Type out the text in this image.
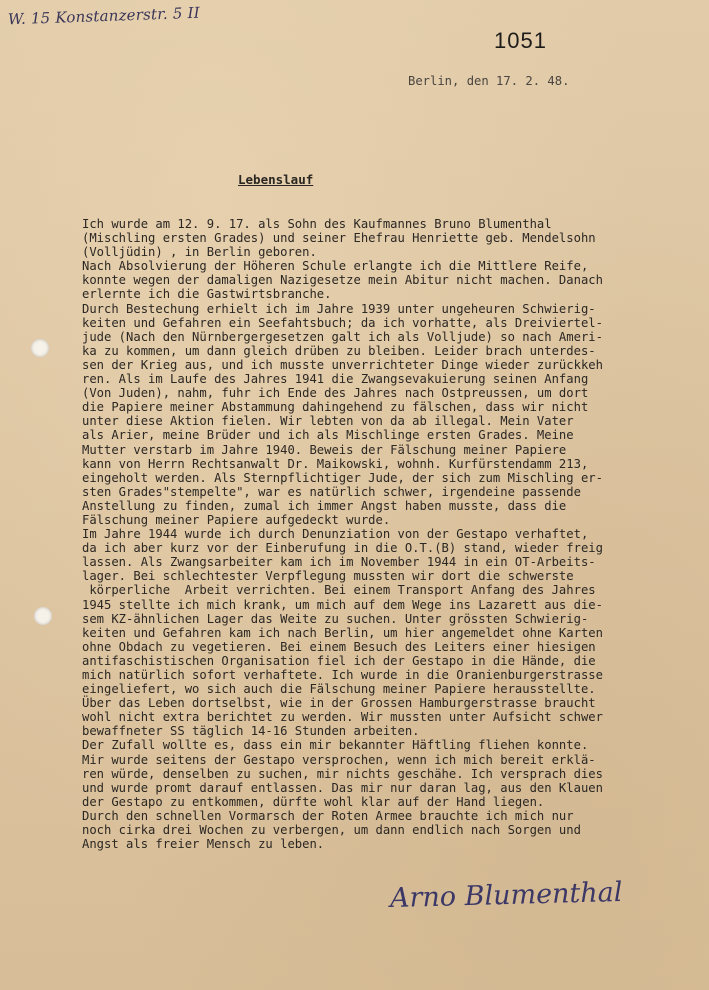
W. 15 Konstanzerstr. 5 II
1051
Berlin, den 17. 2. 48.
Lebenslauf
Ich wurde am 12. 9. 17. als Sohn des Kaufmannes Bruno Blumenthal
(Mischling ersten Grades) und seiner Ehefrau Henriette geb. Mendelsohn
(Volljüdin) , in Berlin geboren.
Nach Absolvierung der Höheren Schule erlangte ich die Mittlere Reife,
konnte wegen der damaligen Nazigesetze mein Abitur nicht machen. Danach
erlernte ich die Gastwirtsbranche.
Durch Bestechung erhielt ich im Jahre 1939 unter ungeheuren Schwierig-
keiten und Gefahren ein Seefahtsbuch; da ich vorhatte, als Dreiviertel-
jude (Nach den Nürnbergergesetzen galt ich als Volljude) so nach Ameri-
ka zu kommen, um dann gleich drüben zu bleiben. Leider brach unterdes-
sen der Krieg aus, und ich musste unverrichteter Dinge wieder zurückkeh
ren. Als im Laufe des Jahres 1941 die Zwangsevakuierung seinen Anfang
(Von Juden), nahm, fuhr ich Ende des Jahres nach Ostpreussen, um dort
die Papiere meiner Abstammung dahingehend zu fälschen, dass wir nicht
unter diese Aktion fielen. Wir lebten von da ab illegal. Mein Vater
als Arier, meine Brüder und ich als Mischlinge ersten Grades. Meine
Mutter verstarb im Jahre 1940. Beweis der Fälschung meiner Papiere
kann von Herrn Rechtsanwalt Dr. Maikowski, wohnh. Kurfürstendamm 213,
eingeholt werden. Als Sternpflichtiger Jude, der sich zum Mischling er-
sten Grades"stempelte", war es natürlich schwer, irgendeine passende
Anstellung zu finden, zumal ich immer Angst haben musste, dass die
Fälschung meiner Papiere aufgedeckt wurde.
Im Jahre 1944 wurde ich durch Denunziation von der Gestapo verhaftet,
da ich aber kurz vor der Einberufung in die O.T.(B) stand, wieder freig
lassen. Als Zwangsarbeiter kam ich im November 1944 in ein OT-Arbeits-
lager. Bei schlechtester Verpflegung mussten wir dort die schwerste
körperliche  Arbeit verrichten. Bei einem Transport Anfang des Jahres
1945 stellte ich mich krank, um mich auf dem Wege ins Lazarett aus die-
sem KZ-ähnlichen Lager das Weite zu suchen. Unter grössten Schwierig-
keiten und Gefahren kam ich nach Berlin, um hier angemeldet ohne Karten
ohne Obdach zu vegetieren. Bei einem Besuch des Leiters einer hiesigen
antifaschistischen Organisation fiel ich der Gestapo in die Hände, die
mich natürlich sofort verhaftete. Ich wurde in die Oranienburgerstrasse
eingeliefert, wo sich auch die Fälschung meiner Papiere herausstellte.
Über das Leben dortselbst, wie in der Grossen Hamburgerstrasse braucht
wohl nicht extra berichtet zu werden. Wir mussten unter Aufsicht schwer
bewaffneter SS täglich 14-16 Stunden arbeiten.
Der Zufall wollte es, dass ein mir bekannter Häftling fliehen konnte.
Mir wurde seitens der Gestapo versprochen, wenn ich mich bereit erklä-
ren würde, denselben zu suchen, mir nichts geschähe. Ich versprach dies
und wurde promt darauf entlassen. Das mir nur daran lag, aus den Klauen
der Gestapo zu entkommen, dürfte wohl klar auf der Hand liegen.
Durch den schnellen Vormarsch der Roten Armee brauchte ich mich nur
noch cirka drei Wochen zu verbergen, um dann endlich nach Sorgen und
Angst als freier Mensch zu leben.
Arno Blumenthal
